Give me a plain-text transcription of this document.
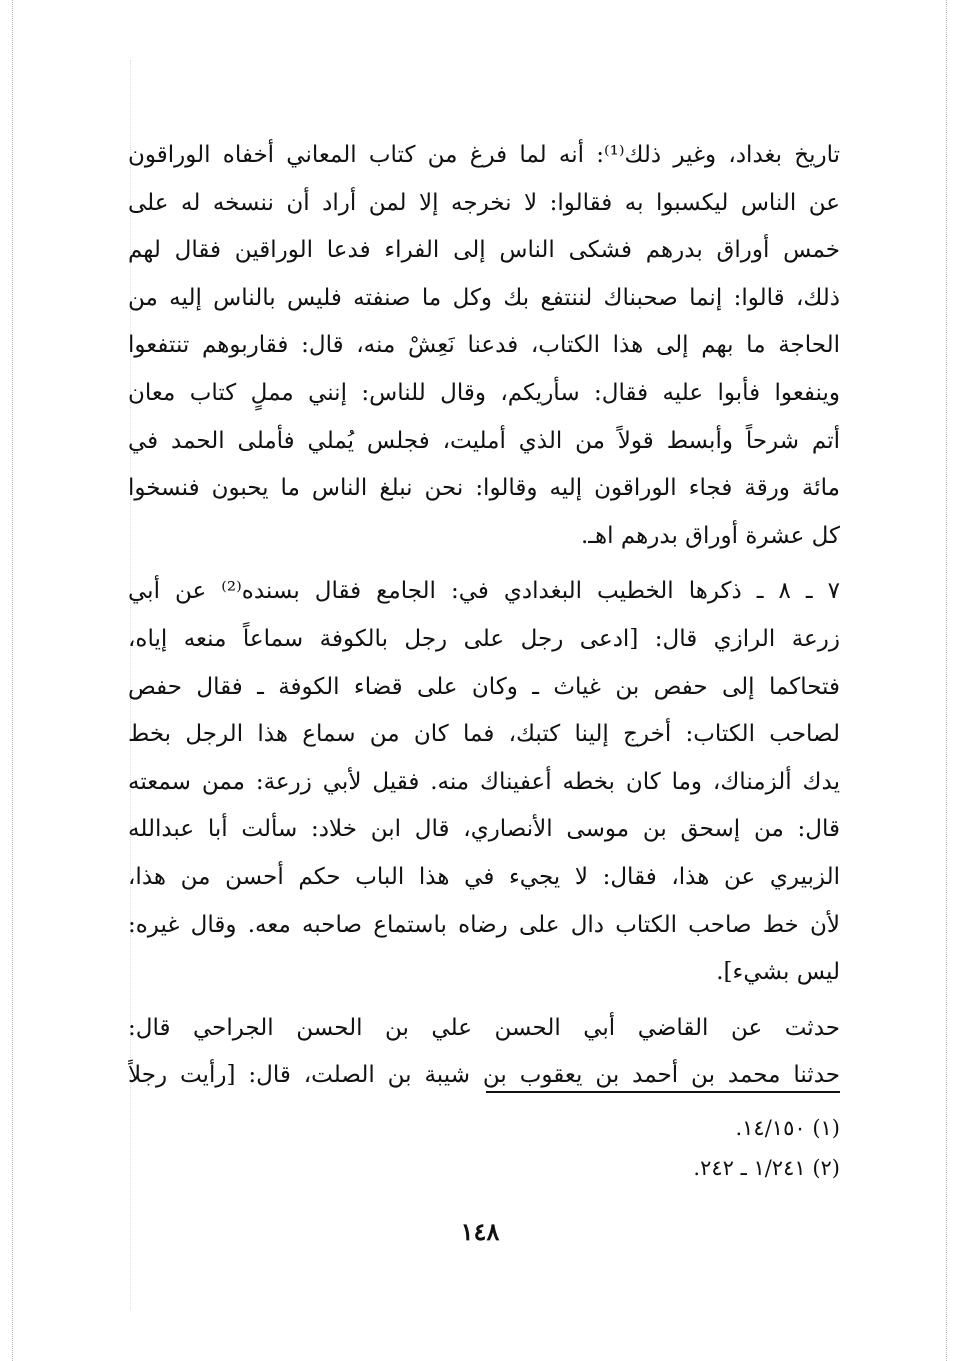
تاريخ بغداد، وغير ذلك⁽¹⁾: أنه لما فرغ من كتاب المعاني أخفاه الوراقون
عن الناس ليكسبوا به فقالوا: لا نخرجه إلا لمن أراد أن ننسخه له على
خمس أوراق بدرهم فشكى الناس إلى الفراء فدعا الوراقين فقال لهم
ذلك، قالوا: إنما صحبناك لننتفع بك وكل ما صنفته فليس بالناس إليه من
الحاجة ما بهم إلى هذا الكتاب، فدعنا نَعِشْ منه، قال: فقاربوهم تنتفعوا
وينفعوا فأبوا عليه فقال: سأريكم، وقال للناس: إنني مملٍ كتاب معان
أتم شرحاً وأبسط قولاً من الذي أمليت، فجلس يُملي فأملى الحمد في
مائة ورقة فجاء الوراقون إليه وقالوا: نحن نبلغ الناس ما يحبون فنسخوا
كل عشرة أوراق بدرهم اهـ.
٧ ـ ٨ ـ ذكرها الخطيب البغدادي في: الجامع فقال بسنده⁽²⁾ عن أبي
زرعة الرازي قال: [ادعى رجل على رجل بالكوفة سماعاً منعه إياه،
فتحاكما إلى حفص بن غياث ـ وكان على قضاء الكوفة ـ فقال حفص
لصاحب الكتاب: أخرج إلينا كتبك، فما كان من سماع هذا الرجل بخط
يدك ألزمناك، وما كان بخطه أعفيناك منه. فقيل لأبي زرعة: ممن سمعته
قال: من إسحق بن موسى الأنصاري، قال ابن خلاد: سألت أبا عبدالله
الزبيري عن هذا، فقال: لا يجيء في هذا الباب حكم أحسن من هذا،
لأن خط صاحب الكتاب دال على رضاه باستماع صاحبه معه. وقال غيره:
ليس بشيء].
حدثت عن القاضي أبي الحسن علي بن الحسن الجراحي قال:
حدثنا محمد بن أحمد بن يعقوب بن شيبة بن الصلت، قال: [رأيت رجلاً
(١) ١٤/١٥٠.
(٢) ١/٢٤١ ـ ٢٤٢.
١٤٨
